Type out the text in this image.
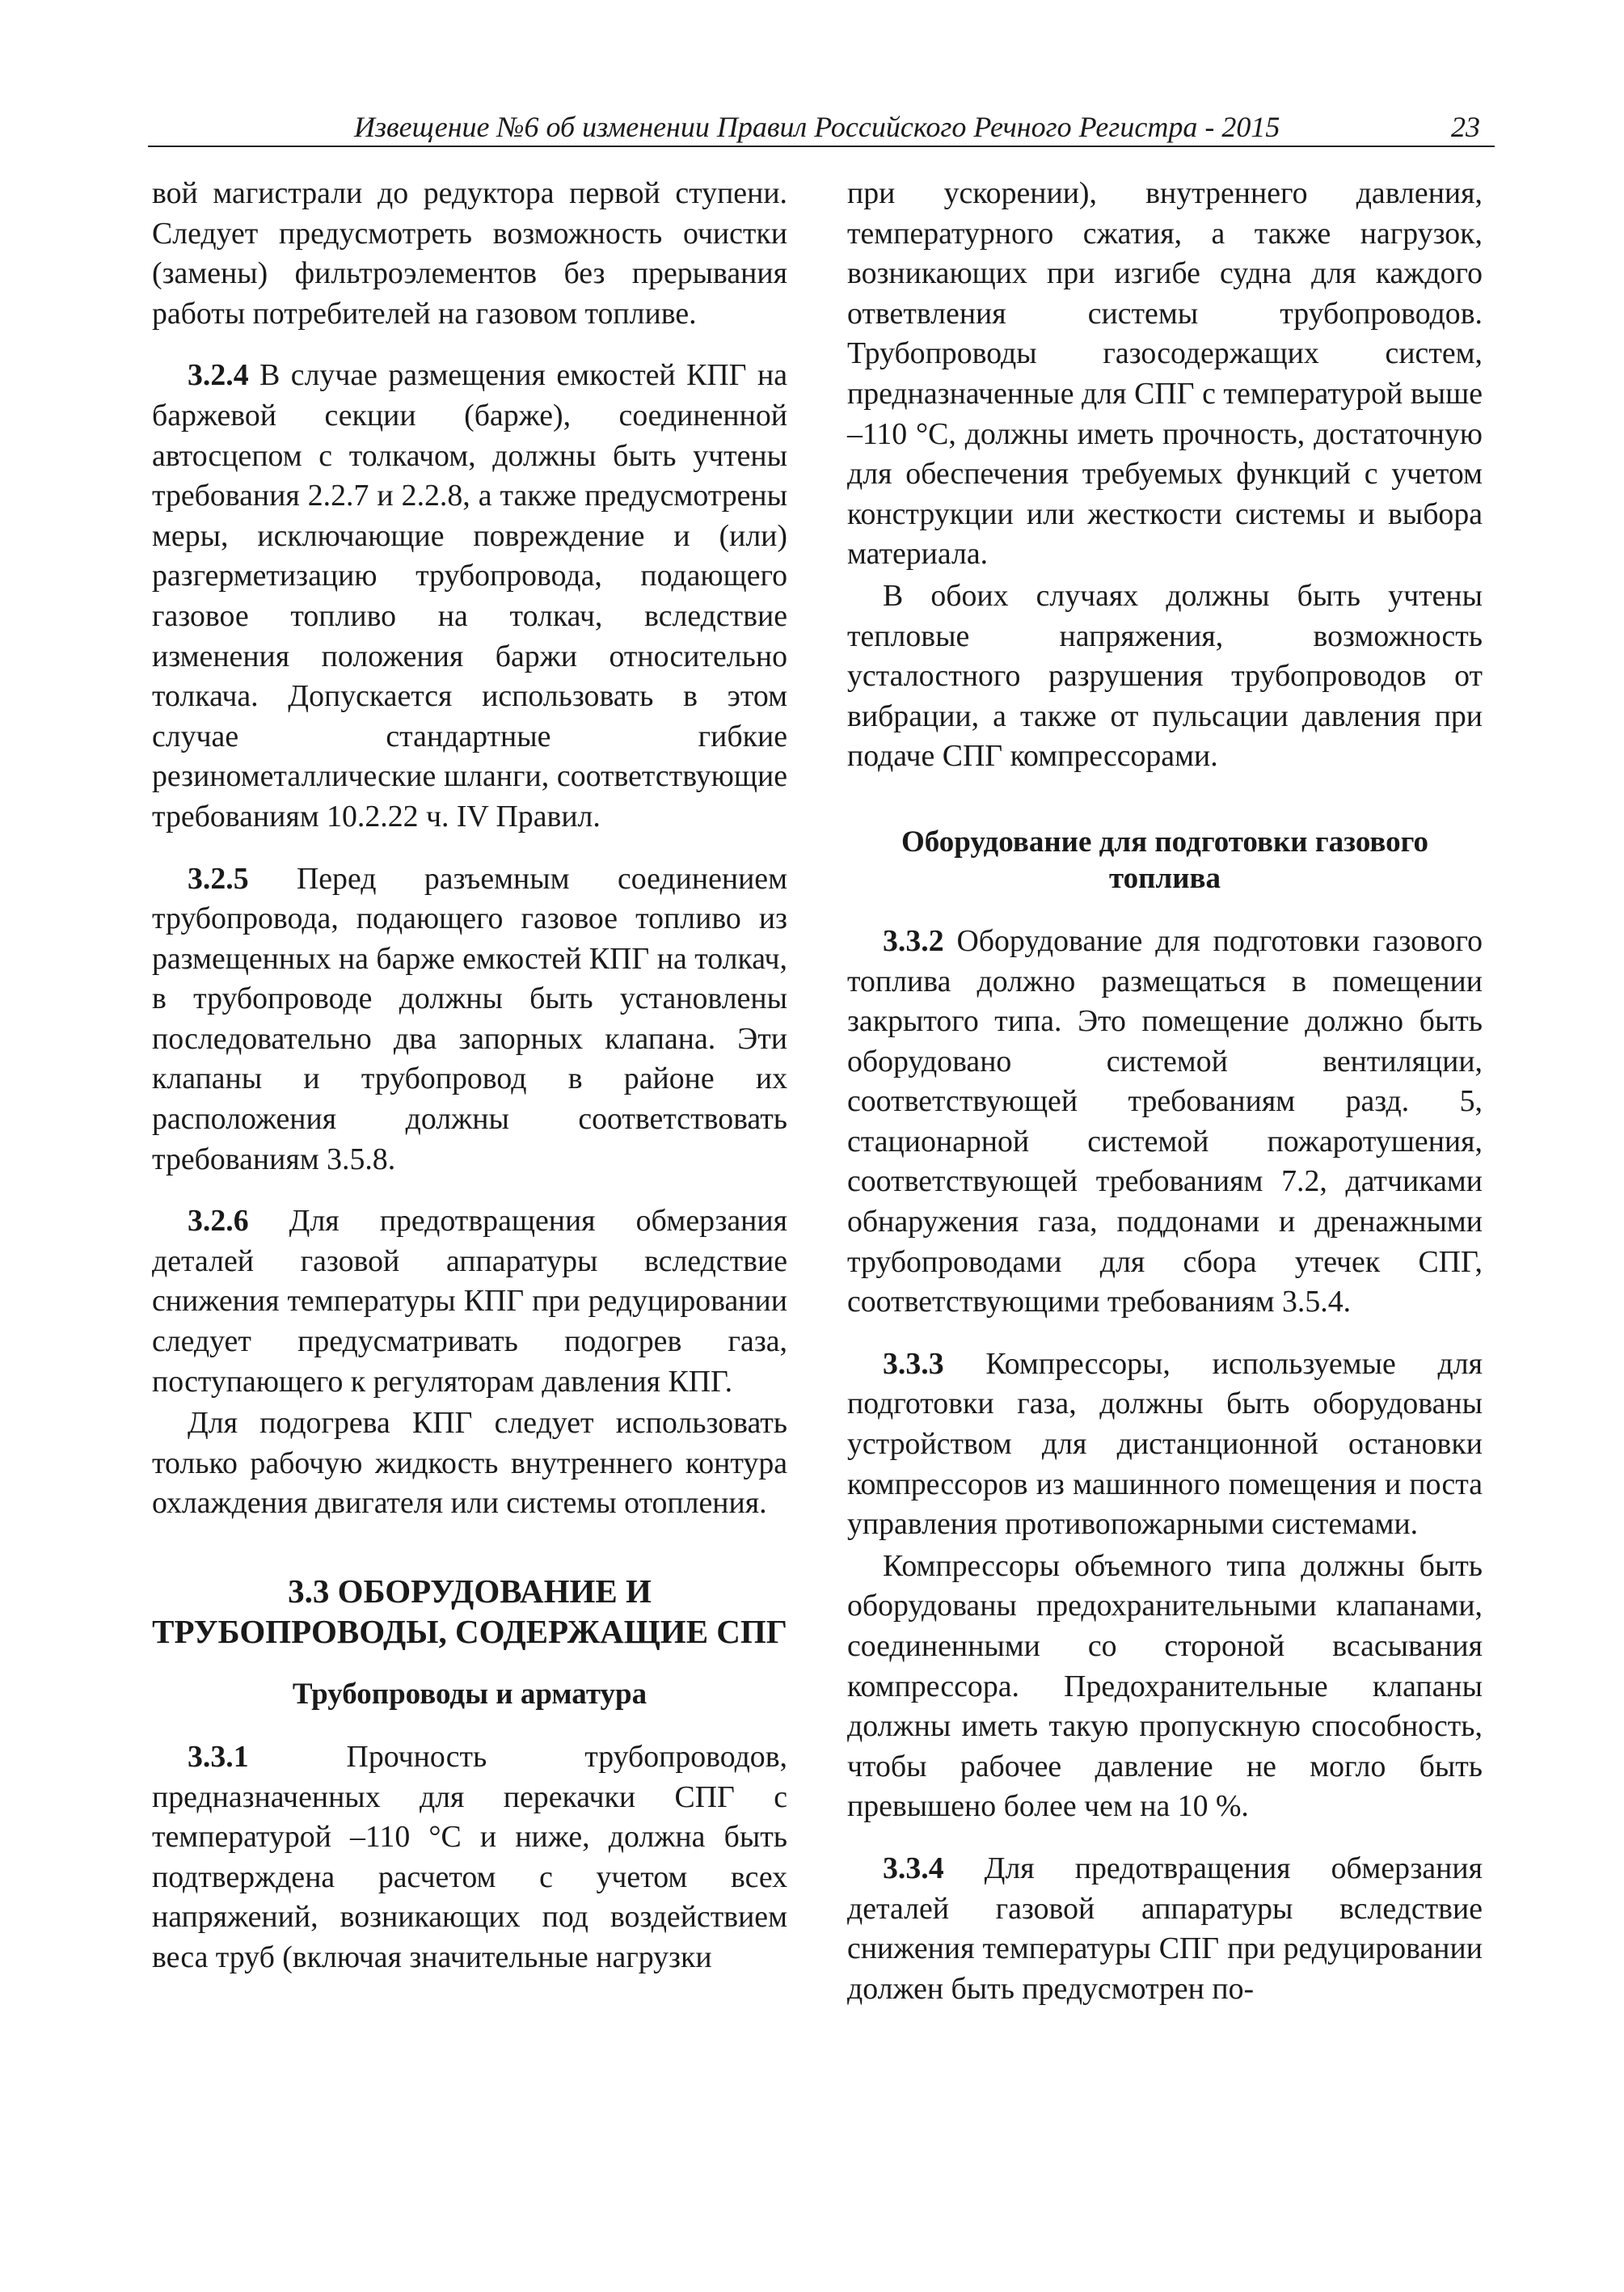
Извещение №6 об изменении Правил Российского Речного Регистра - 2015	23

вой магистрали до редуктора первой ступени. Следует предусмотреть возможность очистки (замены) фильтроэлементов без прерывания работы потребителей на газовом топливе.

3.2.4 В случае размещения емкостей КПГ на баржевой секции (барже), соединенной автосцепом с толкачом, должны быть учтены требования 2.2.7 и 2.2.8, а также предусмотрены меры, исключающие повреждение и (или) разгерметизацию трубопровода, подающего газовое топливо на толкач, вследствие изменения положения баржи относительно толкача. Допускается использовать в этом случае стандартные гибкие резинометаллические шланги, соответствующие требованиям 10.2.22 ч. IV Правил.

3.2.5 Перед разъемным соединением трубопровода, подающего газовое топливо из размещенных на барже емкостей КПГ на толкач, в трубопроводе должны быть установлены последовательно два запорных клапана. Эти клапаны и трубопровод в районе их расположения должны соответствовать требованиям 3.5.8.

3.2.6 Для предотвращения обмерзания деталей газовой аппаратуры вследствие снижения температуры КПГ при редуцировании следует предусматривать подогрев газа, поступающего к регуляторам давления КПГ.

Для подогрева КПГ следует использовать только рабочую жидкость внутреннего контура охлаждения двигателя или системы отопления.

3.3 ОБОРУДОВАНИЕ И ТРУБОПРОВОДЫ, СОДЕРЖАЩИЕ СПГ
Трубопроводы и арматура

3.3.1 Прочность трубопроводов, предназначенных для перекачки СПГ с температурой –110 °С и ниже, должна быть подтверждена расчетом с учетом всех напряжений, возникающих под воздействием веса труб (включая значительные нагрузки

при ускорении), внутреннего давления, температурного сжатия, а также нагрузок, возникающих при изгибе судна для каждого ответвления системы трубопроводов. Трубопроводы газосодержащих систем, предназначенные для СПГ с температурой выше –110 °С, должны иметь прочность, достаточную для обеспечения требуемых функций с учетом конструкции или жесткости системы и выбора материала.

В обоих случаях должны быть учтены тепловые напряжения, возможность усталостного разрушения трубопроводов от вибрации, а также от пульсации давления при подаче СПГ компрессорами.

Оборудование для подготовки газового топлива

3.3.2 Оборудование для подготовки газового топлива должно размещаться в помещении закрытого типа. Это помещение должно быть оборудовано системой вентиляции, соответствующей требованиям разд. 5, стационарной системой пожаротушения, соответствующей требованиям 7.2, датчиками обнаружения газа, поддонами и дренажными трубопроводами для сбора утечек СПГ, соответствующими требованиям 3.5.4.

3.3.3 Компрессоры, используемые для подготовки газа, должны быть оборудованы устройством для дистанционной остановки компрессоров из машинного помещения и поста управления противопожарными системами.

Компрессоры объемного типа должны быть оборудованы предохранительными клапанами, соединенными со стороной всасывания компрессора. Предохранительные клапаны должны иметь такую пропускную способность, чтобы рабочее давление не могло быть превышено более чем на 10 %.

3.3.4 Для предотвращения обмерзания деталей газовой аппаратуры вследствие снижения температуры СПГ при редуцировании должен быть предусмотрен по-
